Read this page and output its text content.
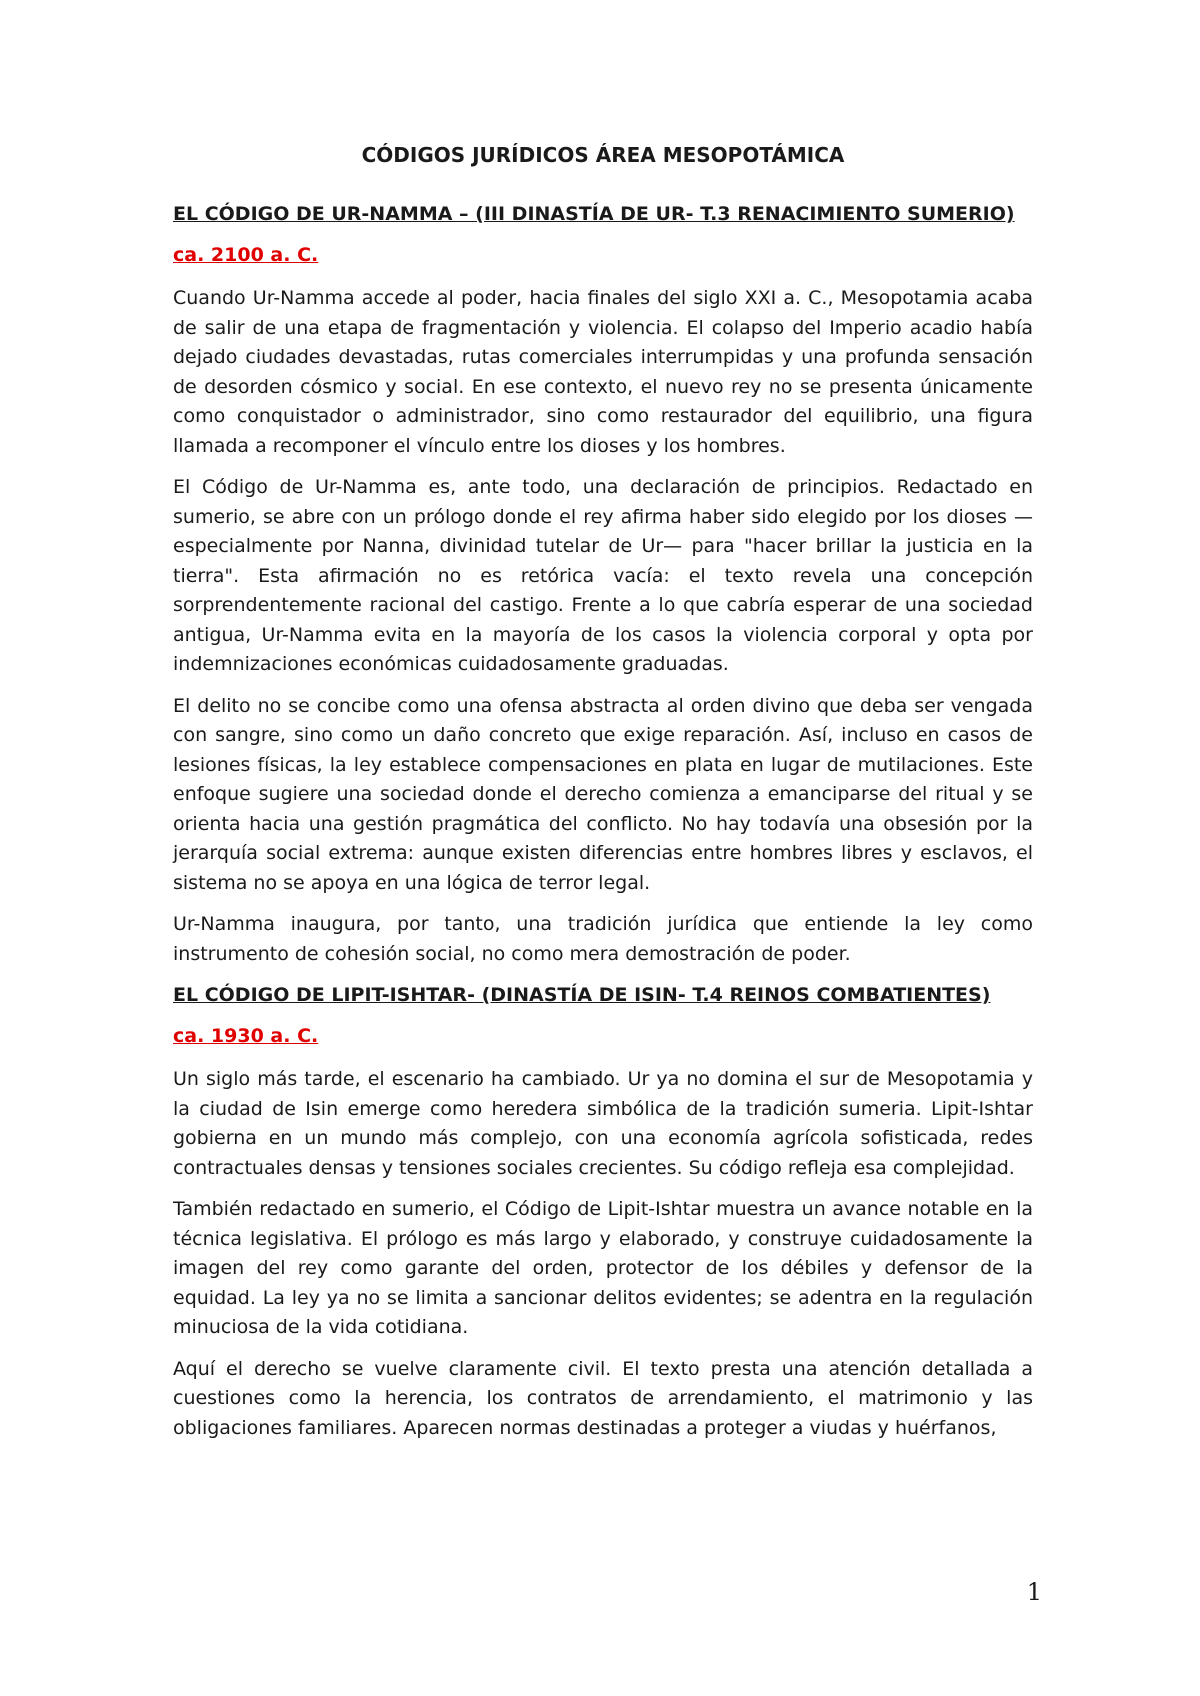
CÓDIGOS JURÍDICOS ÁREA MESOPOTÁMICA
EL CÓDIGO DE UR-NAMMA – (III DINASTÍA DE UR- T.3 RENACIMIENTO SUMERIO)
ca. 2100 a. C.

Cuando Ur-Namma accede al poder, hacia finales del siglo XXI a. C., Mesopotamia acaba de salir de una etapa de fragmentación y violencia. El colapso del Imperio acadio había dejado ciudades devastadas, rutas comerciales interrumpidas y una profunda sensación de desorden cósmico y social. En ese contexto, el nuevo rey no se presenta únicamente como conquistador o administrador, sino como restaurador del equilibrio, una figura llamada a recomponer el vínculo entre los dioses y los hombres.

El Código de Ur-Namma es, ante todo, una declaración de principios. Redactado en sumerio, se abre con un prólogo donde el rey afirma haber sido elegido por los dioses —especialmente por Nanna, divinidad tutelar de Ur— para "hacer brillar la justicia en la tierra". Esta afirmación no es retórica vacía: el texto revela una concepción sorprendentemente racional del castigo. Frente a lo que cabría esperar de una sociedad antigua, Ur-Namma evita en la mayoría de los casos la violencia corporal y opta por indemnizaciones económicas cuidadosamente graduadas.

El delito no se concibe como una ofensa abstracta al orden divino que deba ser vengada con sangre, sino como un daño concreto que exige reparación. Así, incluso en casos de lesiones físicas, la ley establece compensaciones en plata en lugar de mutilaciones. Este enfoque sugiere una sociedad donde el derecho comienza a emanciparse del ritual y se orienta hacia una gestión pragmática del conflicto. No hay todavía una obsesión por la jerarquía social extrema: aunque existen diferencias entre hombres libres y esclavos, el sistema no se apoya en una lógica de terror legal.

Ur-Namma inaugura, por tanto, una tradición jurídica que entiende la ley como instrumento de cohesión social, no como mera demostración de poder.

EL CÓDIGO DE LIPIT-ISHTAR- (DINASTÍA DE ISIN- T.4 REINOS COMBATIENTES)
ca. 1930 a. C.

Un siglo más tarde, el escenario ha cambiado. Ur ya no domina el sur de Mesopotamia y la ciudad de Isin emerge como heredera simbólica de la tradición sumeria. Lipit-Ishtar gobierna en un mundo más complejo, con una economía agrícola sofisticada, redes contractuales densas y tensiones sociales crecientes. Su código refleja esa complejidad.

También redactado en sumerio, el Código de Lipit-Ishtar muestra un avance notable en la técnica legislativa. El prólogo es más largo y elaborado, y construye cuidadosamente la imagen del rey como garante del orden, protector de los débiles y defensor de la equidad. La ley ya no se limita a sancionar delitos evidentes; se adentra en la regulación minuciosa de la vida cotidiana.

Aquí el derecho se vuelve claramente civil. El texto presta una atención detallada a cuestiones como la herencia, los contratos de arrendamiento, el matrimonio y las obligaciones familiares. Aparecen normas destinadas a proteger a viudas y huérfanos,

1
